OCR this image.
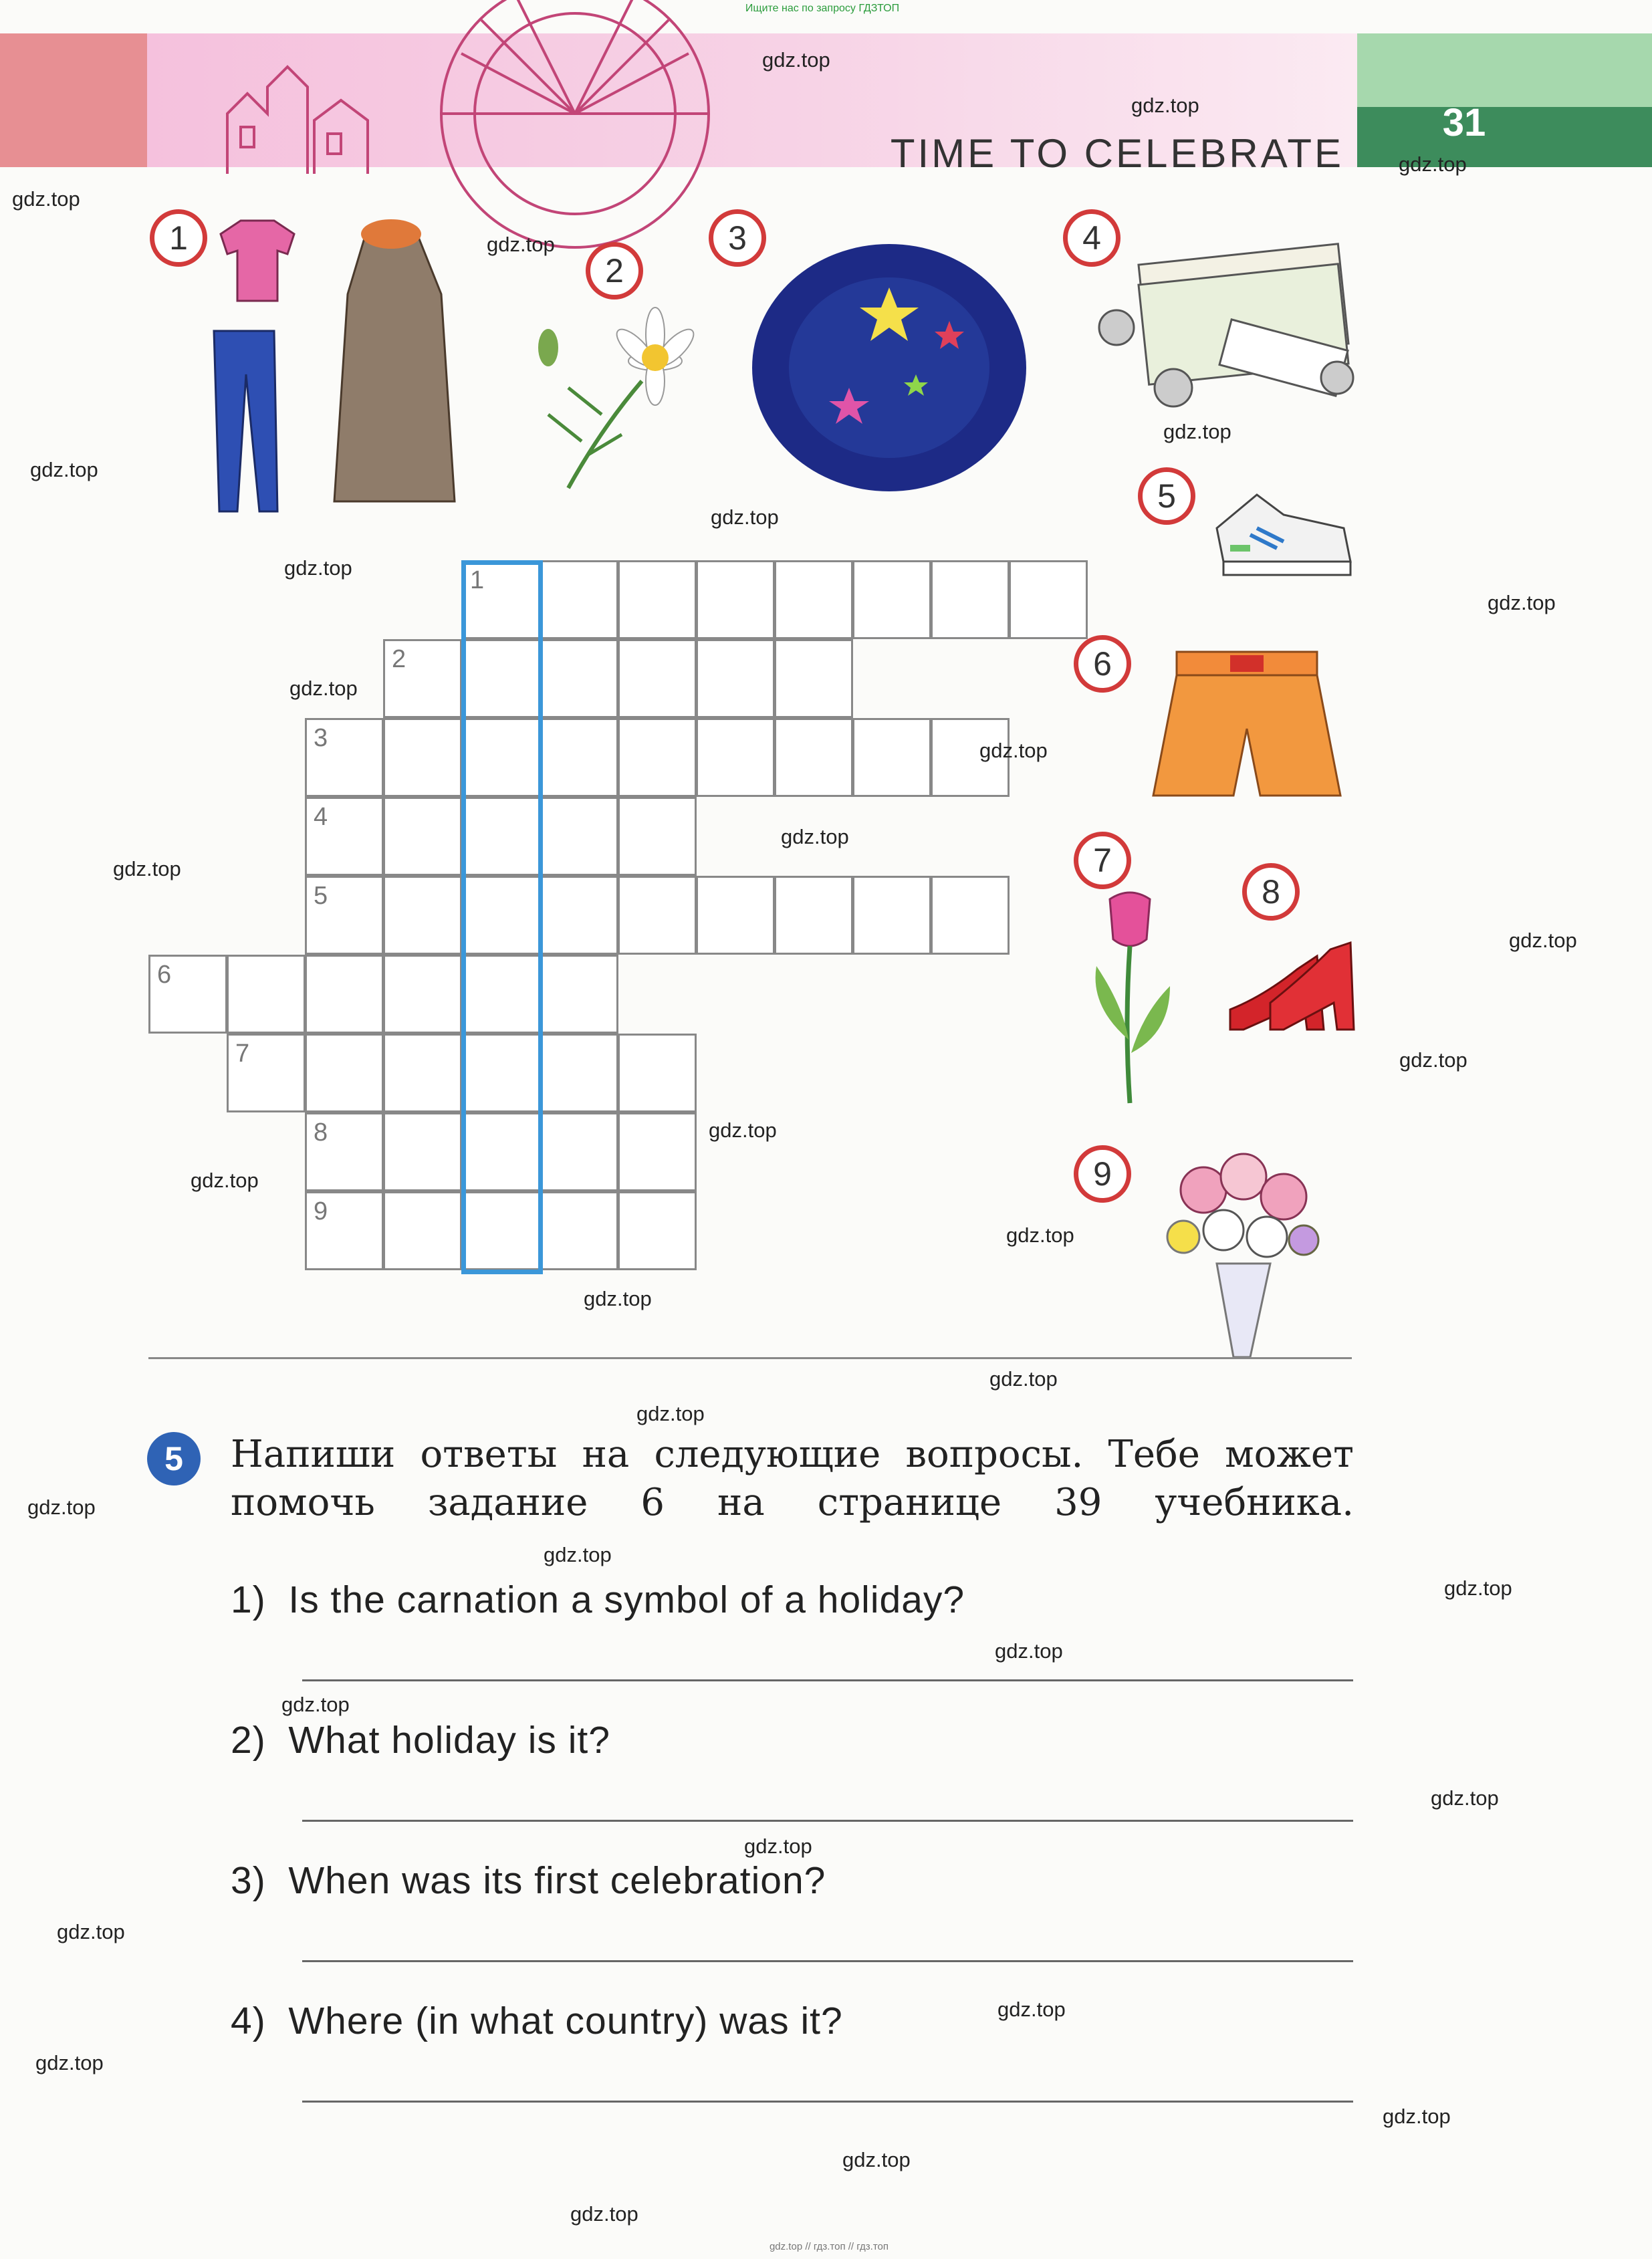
Ищите нас по запросу ГДЗТОП
gdz.top // гдз.топ // гдз.топ
31
TIME TO CELEBRATE
1
2
3	4
5
6
7
8
9
1
2
3
4
5
6
7
8
9
5	Напиши ответы на следующие вопросы. Тебе может помочь задание 6 на странице 39 учебника.
1) Is the carnation a symbol of a holiday?
2) What holiday is it?
3) When was its first celebration?
4) Where (in what country) was it?
gdz.top
gdz.top
gdz.top
gdz.top
gdz.top
gdz.top
gdz.top
gdz.top
gdz.top
gdz.top
gdz.top
gdz.top
gdz.top
gdz.top
gdz.top
gdz.top
gdz.top
gdz.top
gdz.top
gdz.top
gdz.top
gdz.top
gdz.top
gdz.top
gdz.top
gdz.top
gdz.top
gdz.top
gdz.top
gdz.top
gdz.top
gdz.top
gdz.top
gdz.top
gdz.top
